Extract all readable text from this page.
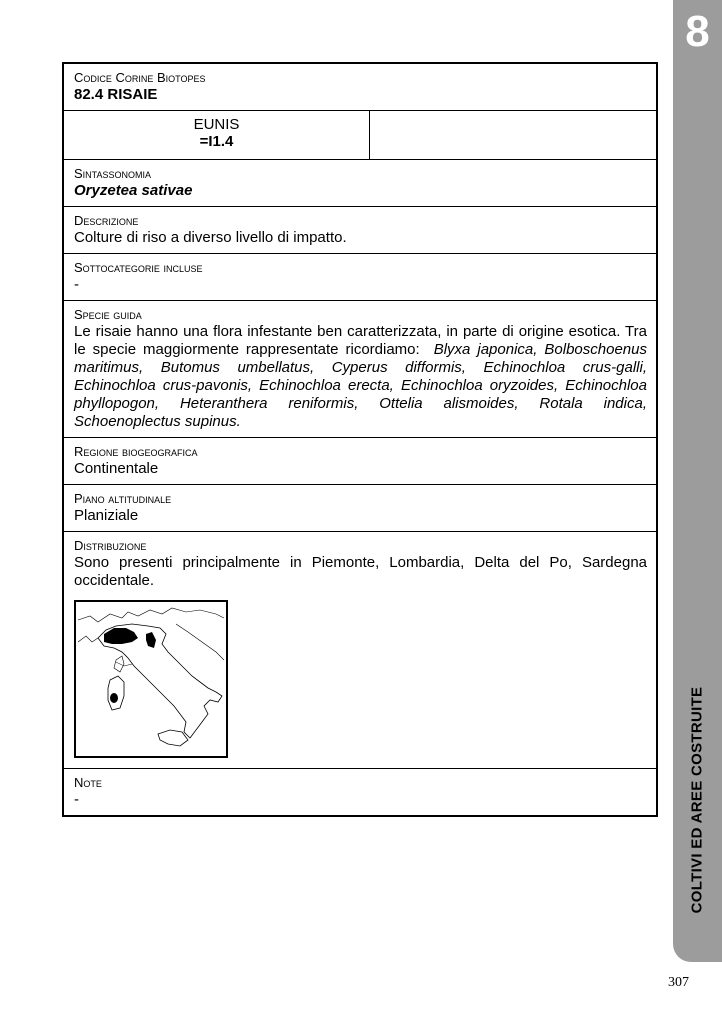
8
COLTIVI ED AREE COSTRUITE
Codice Corine Biotopes
82.4 RISAIE
EUNIS
=I1.4
Sintassonomia
Oryzetea sativae
Descrizione
Colture di riso a diverso livello di impatto.
Sottocategorie incluse
-
Specie guida
Le risaie hanno una flora infestante ben caratterizzata, in parte di origine esotica. Tra le specie maggiormente rappresentate ricordiamo: Blyxa japonica, Bolboschoenus maritimus, Butomus umbellatus, Cyperus difformis, Echinochloa crus-galli, Echinochloa crus-pavonis, Echinochloa erecta, Echinochloa oryzoides, Echinochloa phyllopogon, Heteranthera reniformis, Ottelia alismoides, Rotala indica, Schoenoplectus supinus.
Regione biogeografica
Continentale
Piano altitudinale
Planiziale
Distribuzione
Sono presenti principalmente in Piemonte, Lombardia, Delta del Po, Sardegna occidentale.
Note
-
307
